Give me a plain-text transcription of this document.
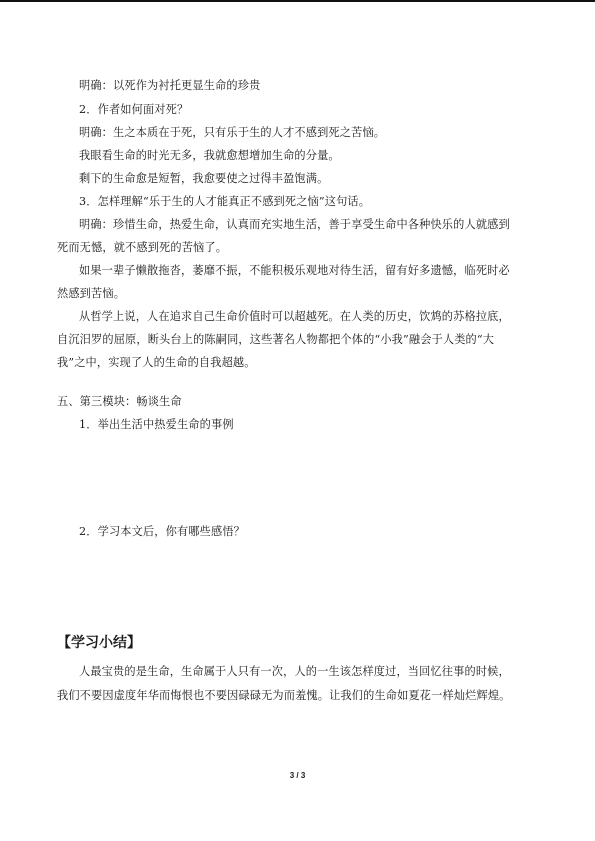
明确：以死作为衬托更显生命的珍贵
2．作者如何面对死？
明确：生之本质在于死，只有乐于生的人才不感到死之苦恼。
我眼看生命的时光无多，我就愈想增加生命的分量。
剩下的生命愈是短暂，我愈要使之过得丰盈饱满。
3．怎样理解“乐于生的人才能真正不感到死之恼”这句话。
明确：珍惜生命，热爱生命，认真而充实地生活，善于享受生命中各种快乐的人就感到
死而无憾，就不感到死的苦恼了。
如果一辈子懒散拖沓，萎靡不振，不能积极乐观地对待生活，留有好多遗憾，临死时必
然感到苦恼。
从哲学上说，人在追求自己生命价值时可以超越死。在人类的历史，饮鸩的苏格拉底，
自沉汨罗的屈原，断头台上的陈嗣同，这些著名人物都把个体的“小我”融会于人类的“大
我”之中，实现了人的生命的自我超越。
五、第三模块：畅谈生命
1．举出生活中热爱生命的事例
2．学习本文后，你有哪些感悟？
【学习小结】
人最宝贵的是生命，生命属于人只有一次，人的一生该怎样度过，当回忆往事的时候，
我们不要因虚度年华而悔恨也不要因碌碌无为而羞愧。让我们的生命如夏花一样灿烂辉煌。
3 / 3
